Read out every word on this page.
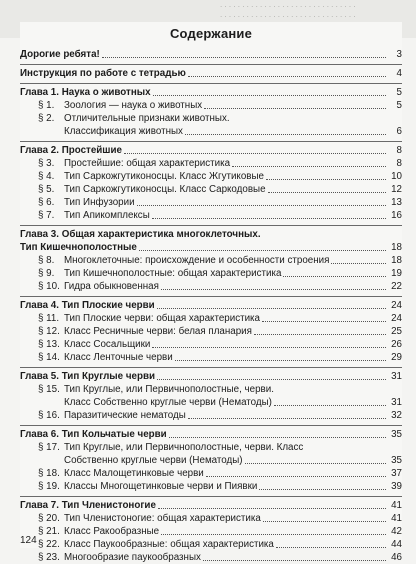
. . . . . . . . . . . . . . . . . . . . . . . . . . . . . . .
. . . . . . . . . . . . . . . . . . . . . . . . . . . . . . .
Содержание
Дорогие ребята!	3
Инструкция по работе с тетрадью	4
Глава 1. Наука о животных	5
§ 1. Зоология — наука о животных	5
§ 2. Отличительные признаки животных.
Классификация животных	6
Глава 2. Простейшие	8
§ 3. Простейшие: общая характеристика	8
§ 4. Тип Саркожгутиконосцы. Класс Жгутиковые	10
§ 5. Тип Саркожгутиконосцы. Класс Саркодовые	12
§ 6. Тип Инфузории	13
§ 7. Тип Апикомплексы	16
Глава 3. Общая характеристика многоклеточных.
Тип Кишечнополостные	18
§ 8. Многоклеточные: происхождение и особенности строения	18
§ 9. Тип Кишечнополостные: общая характеристика	19
§ 10. Гидра обыкновенная	22
Глава 4. Тип Плоские черви	24
§ 11. Тип Плоские черви: общая характеристика	24
§ 12. Класс Ресничные черви: белая планария	25
§ 13. Класс Сосальщики	26
§ 14. Класс Ленточные черви	29
Глава 5. Тип Круглые черви	31
§ 15. Тип Круглые, или Первичнополостные, черви.
Класс Собственно круглые черви (Нематоды)	31
§ 16. Паразитические нематоды	32
Глава 6. Тип Кольчатые черви	35
§ 17. Тип Круглые, или Первичнополостные, черви. Класс
Собственно круглые черви (Нематоды)	35
§ 18. Класс Малощетинковые черви	37
§ 19. Классы Многощетинковые черви и Пиявки	39
Глава 7. Тип Членистоногие	41
§ 20. Тип Членистоногие: общая характеристика	41
§ 21. Класс Ракообразные	42
§ 22. Класс Паукообразные: общая характеристика	44
§ 23. Многообразие паукообразных	46
124
